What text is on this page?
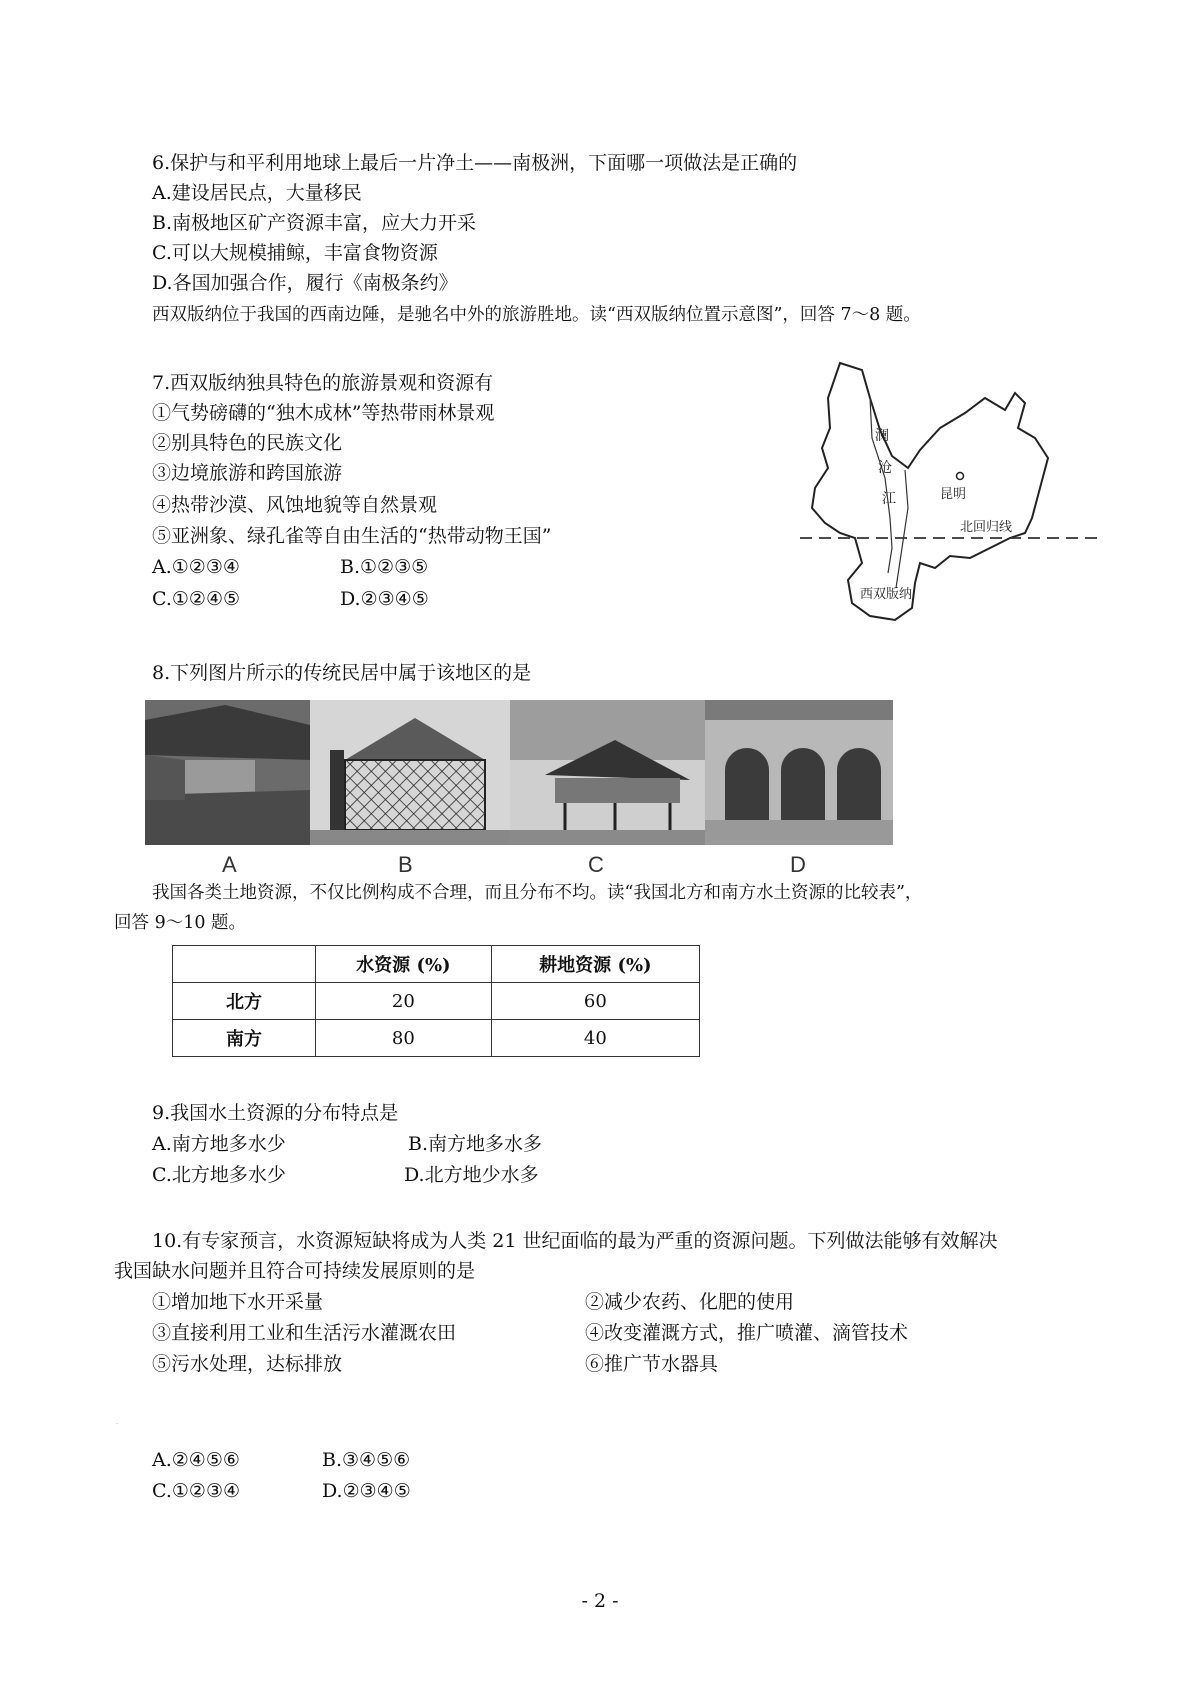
6.保护与和平利用地球上最后一片净土——南极洲，下面哪一项做法是正确的
A.建设居民点，大量移民
B.南极地区矿产资源丰富，应大力开采
C.可以大规模捕鲸，丰富食物资源
D.各国加强合作，履行《南极条约》
西双版纳位于我国的西南边陲，是驰名中外的旅游胜地。读“西双版纳位置示意图”，回答 7～8 题。
7.西双版纳独具特色的旅游景观和资源有
①气势磅礴的“独木成林”等热带雨林景观
②别具特色的民族文化
③边境旅游和跨国旅游
④热带沙漠、风蚀地貌等自然景观
⑤亚洲象、绿孔雀等自由生活的“热带动物王国”
A.①②③④	B.①②③⑤
C.①②④⑤	D.②③④⑤
澜
沧
江	昆明
北回归线
西双版纳
8.下列图片所示的传统民居中属于该地区的是
A	B	C	D
我国各类土地资源，不仅比例构成不合理，而且分布不均。读“我国北方和南方水土资源的比较表”，
回答 9～10 题。
	水资源 (%)	耕地资源 (%)
北方	20	60
南方	80	40
9.我国水土资源的分布特点是
A.南方地多水少	B.南方地多水多
C.北方地多水少	D.北方地少水多
10.有专家预言，水资源短缺将成为人类 21 世纪面临的最为严重的资源问题。下列做法能够有效解决
我国缺水问题并且符合可持续发展原则的是
①增加地下水开采量	②减少农药、化肥的使用
③直接利用工业和生活污水灌溉农田	④改变灌溉方式，推广喷灌、滴管技术
⑤污水处理，达标排放	⑥推广节水器具
·
A.②④⑤⑥	B.③④⑤⑥
C.①②③④	D.②③④⑤
- 2 -
